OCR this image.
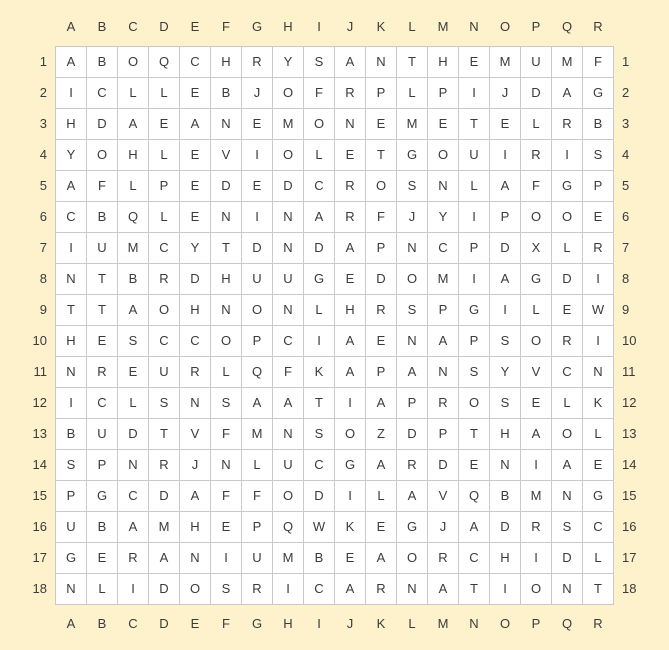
	A	B	C	D	E	F	G	H	I	J	K	L	M	N	O	P	Q	R	
1	A	B	O	Q	C	H	R	Y	S	A	N	T	H	E	M	U	M	F	1
2	I	C	L	L	E	B	J	O	F	R	P	L	P	I	J	D	A	G	2
3	H	D	A	E	A	N	E	M	O	N	E	M	E	T	E	L	R	B	3
4	Y	O	H	L	E	V	I	O	L	E	T	G	O	U	I	R	I	S	4
5	A	F	L	P	E	D	E	D	C	R	O	S	N	L	A	F	G	P	5
6	C	B	Q	L	E	N	I	N	A	R	F	J	Y	I	P	O	O	E	6
7	I	U	M	C	Y	T	D	N	D	A	P	N	C	P	D	X	L	R	7
8	N	T	B	R	D	H	U	U	G	E	D	O	M	I	A	G	D	I	8
9	T	T	A	O	H	N	O	N	L	H	R	S	P	G	I	L	E	W	9
10	H	E	S	C	C	O	P	C	I	A	E	N	A	P	S	O	R	I	10
11	N	R	E	U	R	L	Q	F	K	A	P	A	N	S	Y	V	C	N	11
12	I	C	L	S	N	S	A	A	T	I	A	P	R	O	S	E	L	K	12
13	B	U	D	T	V	F	M	N	S	O	Z	D	P	T	H	A	O	L	13
14	S	P	N	R	J	N	L	U	C	G	A	R	D	E	N	I	A	E	14
15	P	G	C	D	A	F	F	O	D	I	L	A	V	Q	B	M	N	G	15
16	U	B	A	M	H	E	P	Q	W	K	E	G	J	A	D	R	S	C	16
17	G	E	R	A	N	I	U	M	B	E	A	O	R	C	H	I	D	L	17
18	N	L	I	D	O	S	R	I	C	A	R	N	A	T	I	O	N	T	18
	A	B	C	D	E	F	G	H	I	J	K	L	M	N	O	P	Q	R	
